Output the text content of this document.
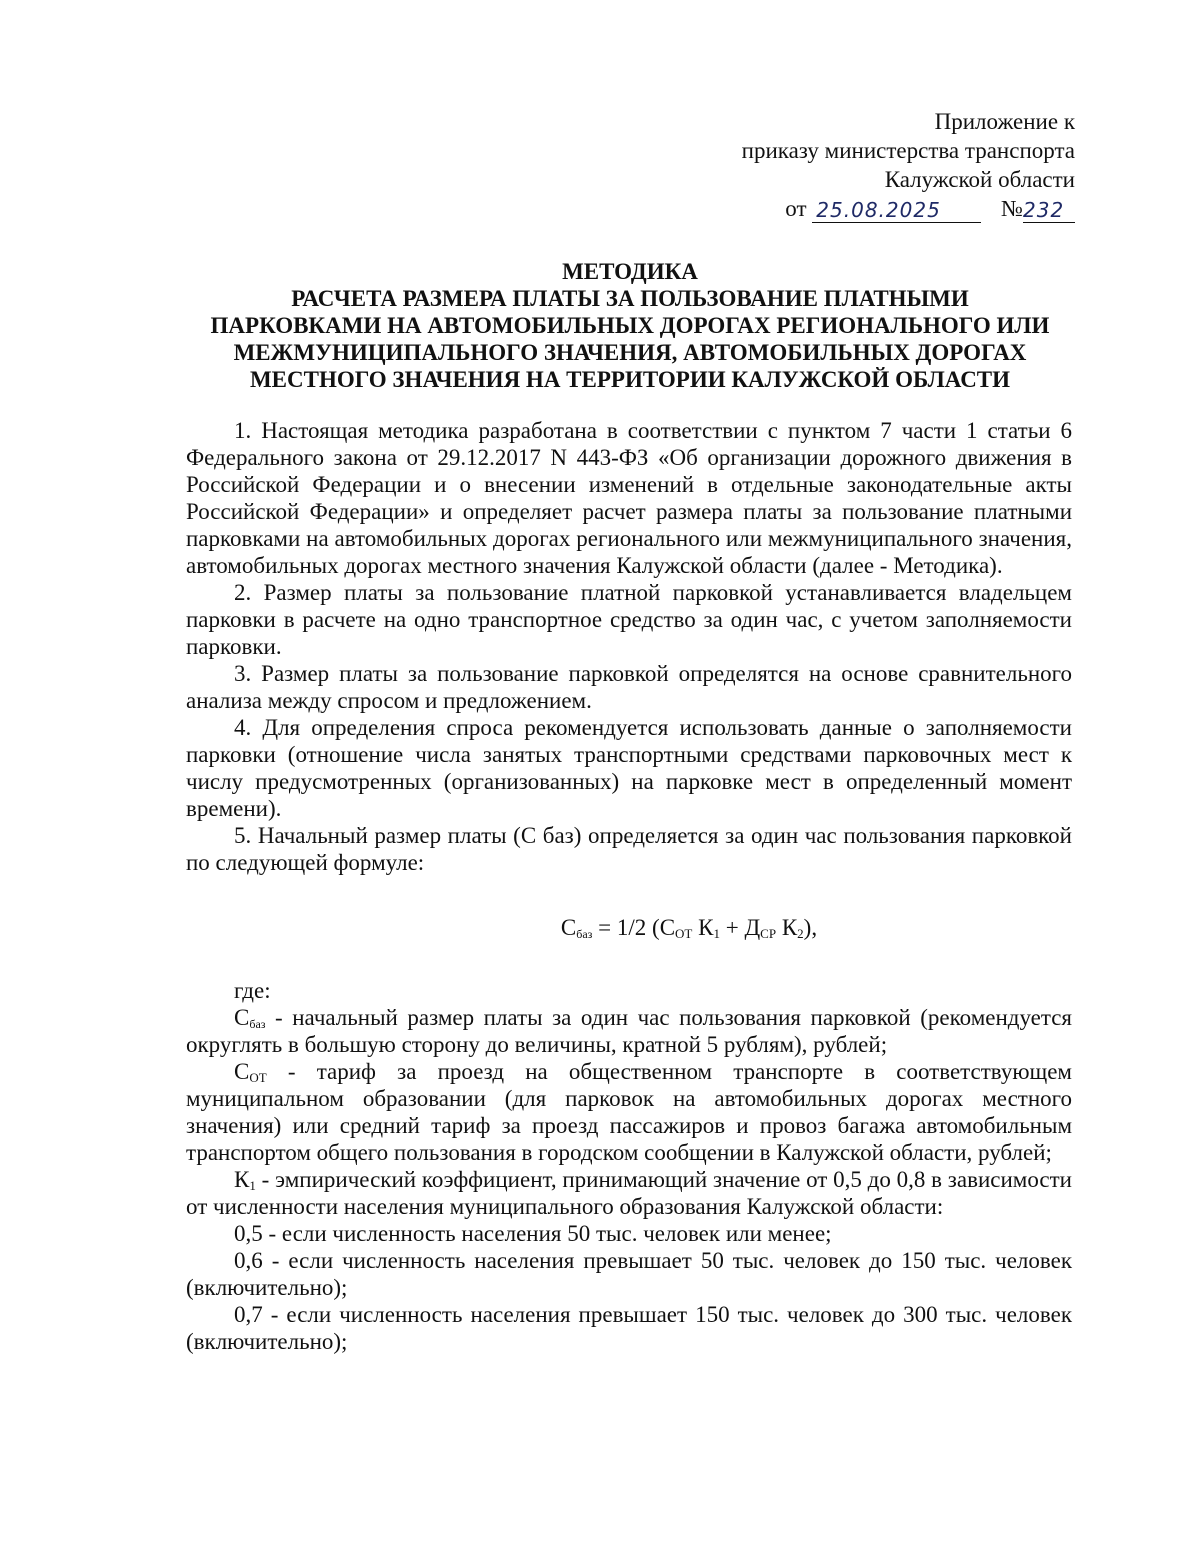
Приложение к
приказу министерства транспорта
Калужской области
от 25.08.2025	№232
МЕТОДИКА
РАСЧЕТА РАЗМЕРА ПЛАТЫ ЗА ПОЛЬЗОВАНИЕ ПЛАТНЫМИ
ПАРКОВКАМИ НА АВТОМОБИЛЬНЫХ ДОРОГАХ РЕГИОНАЛЬНОГО ИЛИ
МЕЖМУНИЦИПАЛЬНОГО ЗНАЧЕНИЯ, АВТОМОБИЛЬНЫХ ДОРОГАХ
МЕСТНОГО ЗНАЧЕНИЯ НА ТЕРРИТОРИИ КАЛУЖСКОЙ ОБЛАСТИ

1. Настоящая методика разработана в соответствии с пунктом 7 части 1 статьи 6 Федерального закона от 29.12.2017 N 443-ФЗ «Об организации дорожного движения в Российской Федерации и о внесении изменений в отдельные законодательные акты Российской Федерации» и определяет расчет размера платы за пользование платными парковками на автомобильных дорогах регионального или межмуниципального значения, автомобильных дорогах местного значения Калужской области (далее - Методика).

2. Размер платы за пользование платной парковкой устанавливается владельцем парковки в расчете на одно транспортное средство за один час, с учетом заполняемости парковки.

3. Размер платы за пользование парковкой определятся на основе сравнительного анализа между спросом и предложением.

4. Для определения спроса рекомендуется использовать данные о заполняемости парковки (отношение числа занятых транспортными средствами парковочных мест к числу предусмотренных (организованных) на парковке мест в определенный момент времени).

5. Начальный размер платы (С баз) определяется за один час пользования парковкой по следующей формуле:

$С_{баз} = 1/2$ ($С_{ОТ}$ $К_1 + Д_{СР}$ $К_2$),

где:

$С_{баз}$ - начальный размер платы за один час пользования парковкой (рекомендуется округлять в большую сторону до величины, кратной 5 рублям), рублей;

$С_{ОТ}$ - тариф за проезд на общественном транспорте в соответствующем муниципальном образовании (для парковок на автомобильных дорогах местного значения) или средний тариф за проезд пассажиров и провоз багажа автомобильным транспортом общего пользования в городском сообщении в Калужской области, рублей;

$К_1$ - эмпирический коэффициент, принимающий значение от 0,5 до 0,8 в зависимости от численности населения муниципального образования Калужской области:

0,5 - если численность населения 50 тыс. человек или менее;

0,6 - если численность населения превышает 50 тыс. человек до 150 тыс. человек (включительно);

0,7 - если численность населения превышает 150 тыс. человек до 300 тыс. человек (включительно);
